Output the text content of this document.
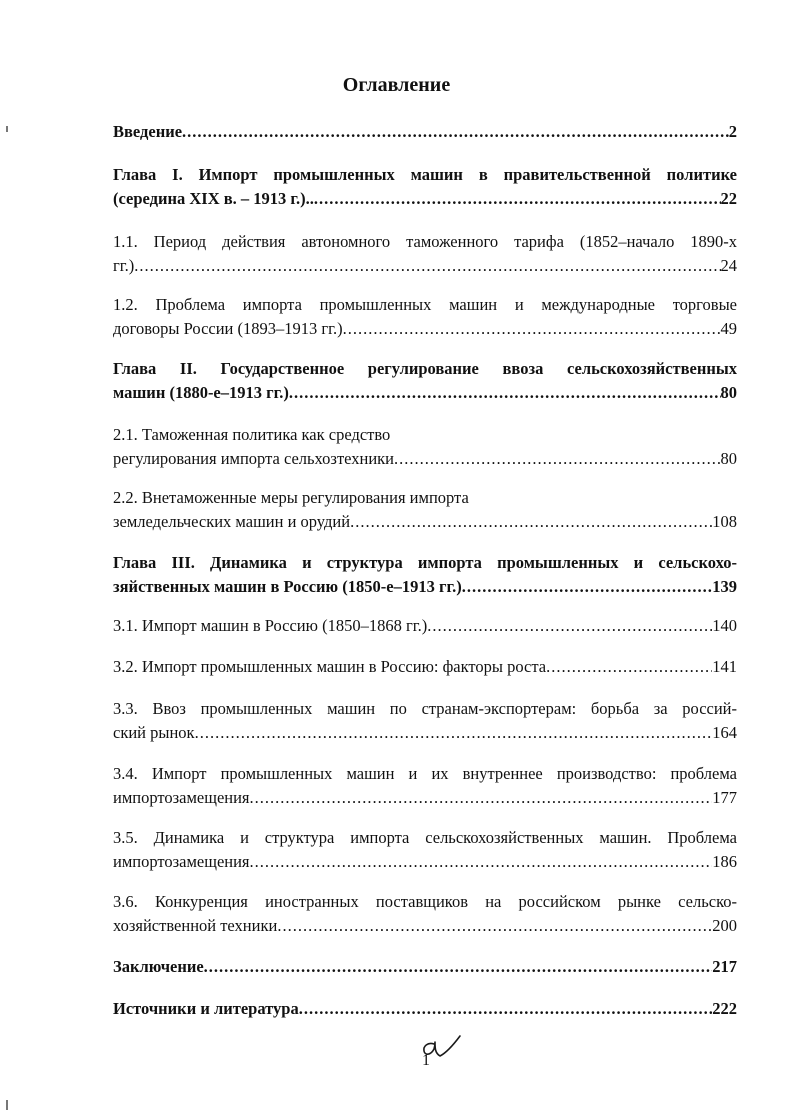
Оглавление
Введение .....	2
Глава I. Импорт промышленных машин в правительственной политике
(середина XIX в. – 1913 г.).. .....	22
1.1. Период действия автономного таможенного тарифа (1852–начало 1890-х
гг.) .....	24
1.2. Проблема импорта промышленных машин и международные торговые
договоры России (1893–1913 гг.) .....	49
Глава II. Государственное регулирование ввоза сельскохозяйственных
машин (1880-е–1913 гг.) .....	80
2.1. Таможенная политика как средство
регулирования импорта сельхозтехники .....	80
2.2. Внетаможенные меры регулирования импорта
земледельческих машин и орудий .....	108
Глава III. Динамика и структура импорта промышленных и сельскохо-
зяйственных машин в Россию (1850-е–1913 гг.) .....	139
3.1. Импорт машин в Россию (1850–1868 гг.) .....	140
3.2. Импорт промышленных машин в Россию: факторы роста .....	141
3.3. Ввоз промышленных машин по странам-экспортерам: борьба за россий-
ский рынок .....	164
3.4. Импорт промышленных машин и их внутреннее производство: проблема
импортозамещения .....	177
3.5. Динамика и структура импорта сельскохозяйственных машин. Проблема
импортозамещения .....	186
3.6. Конкуренция иностранных поставщиков на российском рынке сельско-
хозяйственной техники .....	200
Заключение .....	217
Источники и литература .....	222
1
